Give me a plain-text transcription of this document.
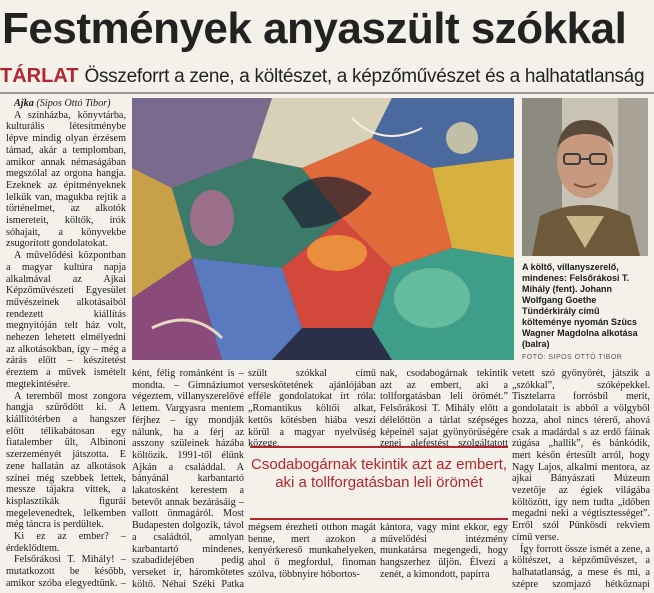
Festmények anyaszült szókkal
TÁRLAT Összeforrt a zene, a költészet, a képzőművészet és a halhatatlanság

Ajka (Sipos Ottó Tibor)

A színházba, könyvtárba, kulturális létesítménybe lépve mindig olyan érzésem támad, akár a templomban, amikor annak némaságában megszólal az orgona hangja. Ezeknek az építményeknek lelkük van, magukba rejtik a történelmet, az alkotók ismereteit, költők, írók sóhajait, a könyvekbe zsugorított gondolatokat.

A művelődési központban a magyar kultúra napja alkalmával az Ajkai Képzőművészeti Egyesület művészeinek alkotásaiból rendezett kiállítás megnyitóján telt ház volt, nehezen lehetett elmélyedni az alkotásokban, így – még a zárás előtt – készítetést éreztem a művek ismételt megtekintésére.

A teremből most zongora hangja szűrődött ki. A kiállítótérben a hangszer előtt télikabátosan egy fiatalember ült, Albinoni szerzeményét játszotta. E zene hallatán az alkotások színei még szebbek lettek, messze tájakra vittek, a kisplasztikák figurái megelevenedtek, lelkemben még táncra is perdültek.

Ki ez az ember? – érdeklődtem.

Felsőrákosi T. Mihály! – mutatkozott be később, amikor szóba elegyedtünk. –

A költő, villanyszerelő, mindenes: Felsőrákosi T. Mihály (fent). Johann Wolfgang Goethe Tündérkirály című költeménye nyomán Szücs Wagner Magdolna alkotása (balra)
FOTÓ: SIPOS OTTÓ TIBOR

ként, félig románként is – mondta. – Gimnáziumot végeztem, villanyszerelővé lettem. Vargyasra mentem férjhez – így mondják nálunk, ha a férj az asszony szüleinek házába költözik. 1991-től élünk Ajkán a családdal. A bányánál karbantartó lakatosként kerestem a betevőt annak bezárásáig – vallott önmagáról. Most Budapesten dolgozik, távol a családtól, amolyan karbantartó mindenes, szabadidejében pedig verseket ír, háromkötetes költő. Néhai Széki Patka

szült szókkal című verseskötetének ajánlójában efféle gondolatokat írt róla: „Romantikus költői alkat, kettős kötésben hiába veszi körül a magyar nyelvűség közege,

nak, csodabogárnak tekintik azt az embert, aki a tollforgatásban leli örömét.” Felsőrákosi T. Mihály előtt a délelőttön a tárlat szépséges képeinél sajat gyönyörűségére zenei alefestést szolgáltatott

Csodabogárnak tekintik azt az embert, aki a tollforgatásban leli örömét

mégsem érezheti otthon magát benne, mert azokon a kenyérkereső munkahelyeken, ahol ő megfordul, finoman szólva, többnyire hóbortos-

kántora, vagy mint ekkor, egy művelődési intézmény munkatársa megengedi, hogy hangszerhez üljön. Élvezi a zenét, a kimondott, papírra

vetett szó gyönyörét, játszik a „szókkal”, szóképekkel. Tisztelarra forrósbíl merít, gondolatait is abból a völgyből hozza, ahol nincs térerő, ahová csak a madárdal s az erdő fáinak zúgása „hallik”, és bánkódik, mert későn értesült arról, hogy Nagy Lajos, alkalmi mentora, az ajkai Bányászati Múzeum vezetője az égiek világába költözött, így nem tudta „időben megadni neki a végtisztességet”. Erről szól Pünkösdi rekviem című verse.

Így forrott össze ismét a zene, a költészet, a képzőművészet, a halhatatlanság, a mese és mi, a szépre szomjazó hétköznapi
